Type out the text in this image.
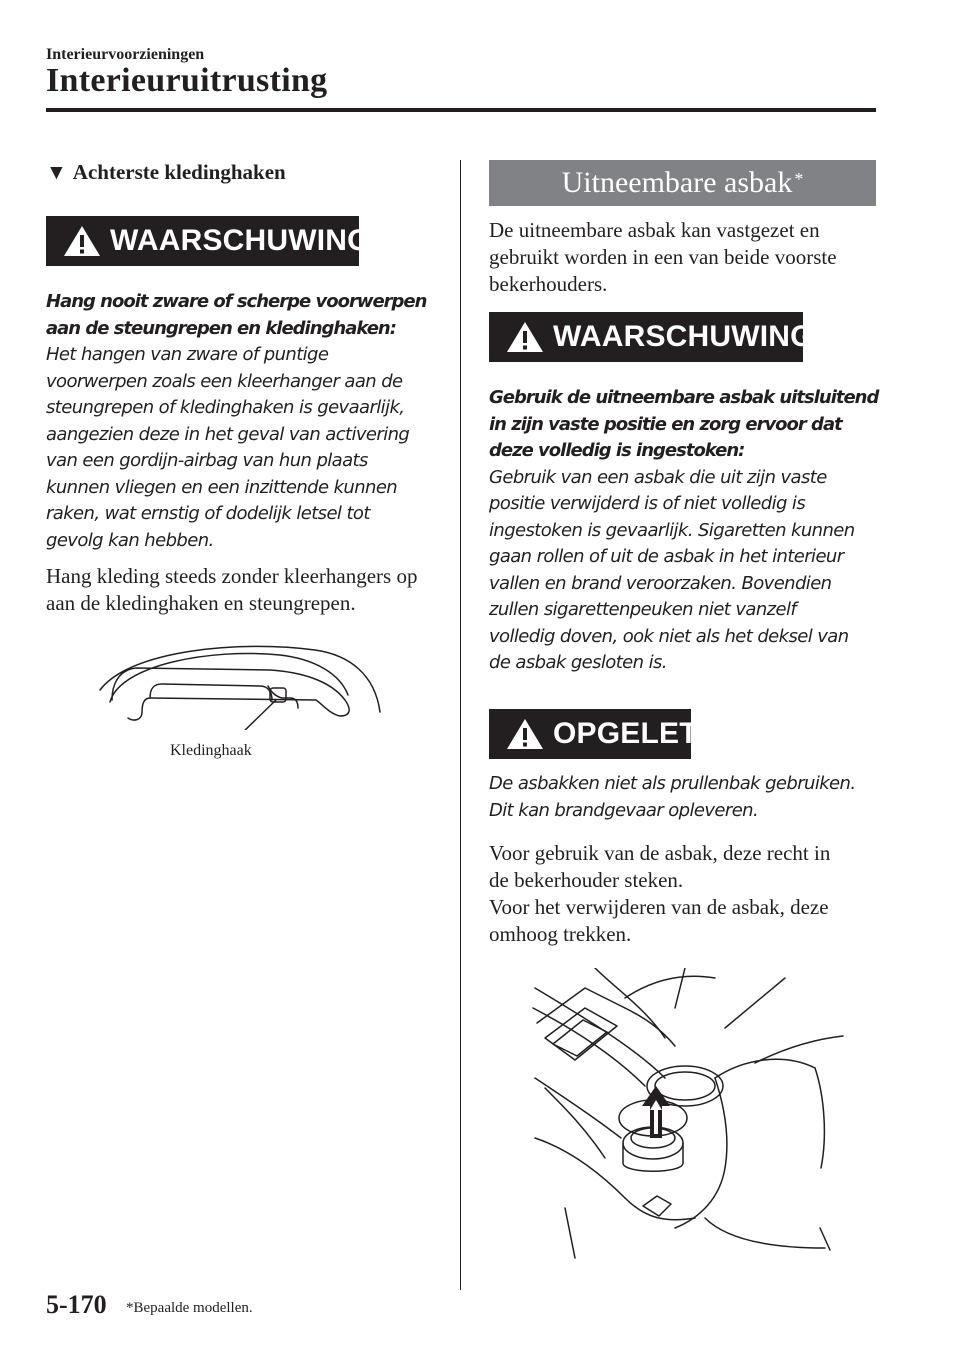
Interieurvoorzieningen
Interieuruitrusting
▼ Achterste kledinghaken
WAARSCHUWING
Hang nooit zware of scherpe voorwerpen aan de steungrepen en kledinghaken:
Het hangen van zware of puntige
voorwerpen zoals een kleerhanger aan de
steungrepen of kledinghaken is gevaarlijk,
aangezien deze in het geval van activering
van een gordijn-airbag van hun plaats
kunnen vliegen en een inzittende kunnen
raken, wat ernstig of dodelijk letsel tot
gevolg kan hebben.
Hang kleding steeds zonder kleerhangers op aan de kledinghaken en steungrepen.
Kledinghaak
Uitneembare asbak*
De uitneembare asbak kan vastgezet en gebruikt worden in een van beide voorste bekerhouders.
WAARSCHUWING
Gebruik de uitneembare asbak uitsluitend in zijn vaste positie en zorg ervoor dat deze volledig is ingestoken:
Gebruik van een asbak die uit zijn vaste
positie verwijderd is of niet volledig is
ingestoken is gevaarlijk. Sigaretten kunnen
gaan rollen of uit de asbak in het interieur
vallen en brand veroorzaken. Bovendien
zullen sigarettenpeuken niet vanzelf
volledig doven, ook niet als het deksel van
de asbak gesloten is.
OPGELET
De asbakken niet als prullenbak gebruiken.
Dit kan brandgevaar opleveren.
Voor gebruik van de asbak, deze recht in
de bekerhouder steken.
Voor het verwijderen van de asbak, deze
omhoog trekken.
5-170 *Bepaalde modellen.
